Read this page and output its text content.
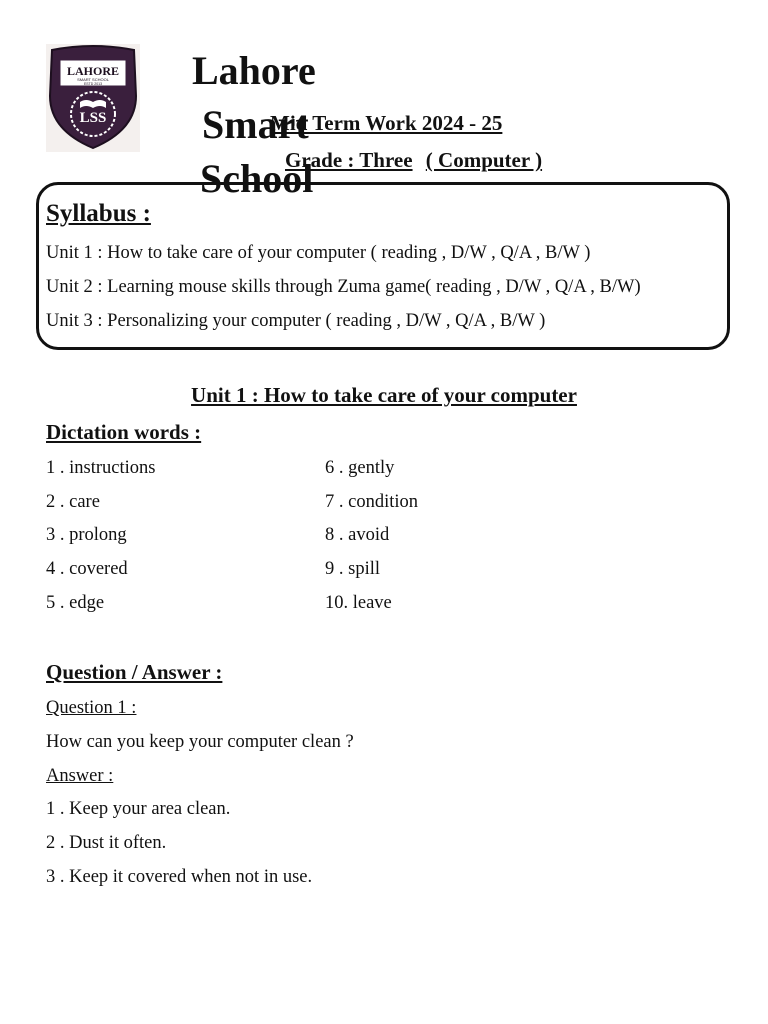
LAHORE
SMART SCHOOL
ESTD 2013
LSS
Lahore
Smart
School
Mid Term Work 2024 - 25
Grade : Three ( Computer )
Syllabus :
Unit 1 : How to take care of your computer ( reading , D/W , Q/A , B/W )
Unit 2 : Learning mouse skills through Zuma game( reading , D/W , Q/A , B/W)
Unit 3 : Personalizing your computer ( reading , D/W , Q/A , B/W )
Unit 1 : How to take care of your computer
Dictation words :
1 . instructions
2 . care
3 . prolong
4 . covered
5 . edge
6 . gently
7 . condition
8 . avoid
9 . spill
10. leave
Question / Answer :
Question 1 :
How can you keep your computer clean ?
Answer :
1 . Keep your area clean.
2 . Dust it often.
3 . Keep it covered when not in use.
